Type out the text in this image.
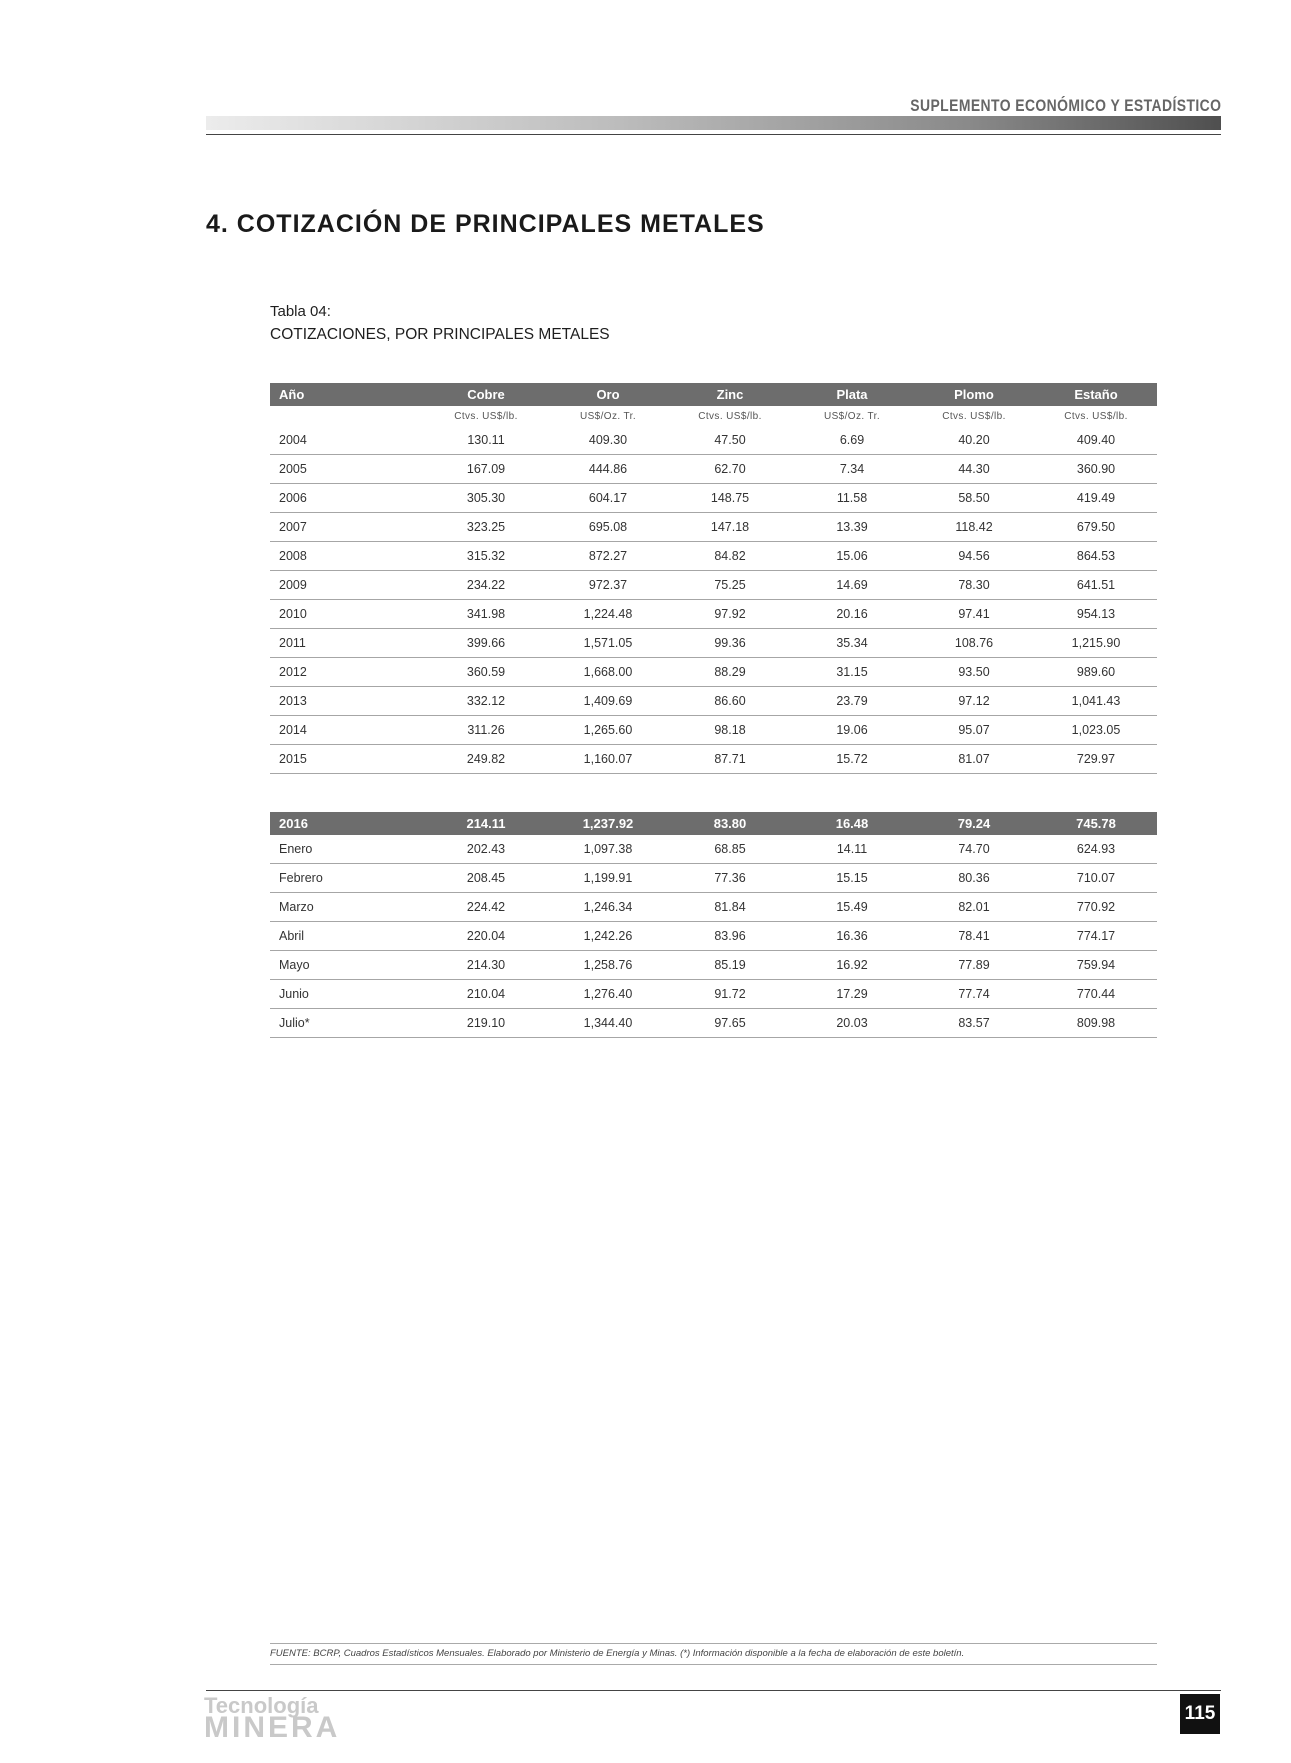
SUPLEMENTO ECONÓMICO Y ESTADÍSTICO
4. COTIZACIÓN DE PRINCIPALES METALES
Tabla 04:
COTIZACIONES, POR PRINCIPALES METALES
Año	Cobre	Oro	Zinc	Plata	Plomo	Estaño
	Ctvs. US$/lb.	US$/Oz. Tr.	Ctvs. US$/lb.	US$/Oz. Tr.	Ctvs. US$/lb.	Ctvs. US$/lb.
2004	130.11	409.30	47.50	6.69	40.20	409.40
2005	167.09	444.86	62.70	7.34	44.30	360.90
2006	305.30	604.17	148.75	11.58	58.50	419.49
2007	323.25	695.08	147.18	13.39	118.42	679.50
2008	315.32	872.27	84.82	15.06	94.56	864.53
2009	234.22	972.37	75.25	14.69	78.30	641.51
2010	341.98	1,224.48	97.92	20.16	97.41	954.13
2011	399.66	1,571.05	99.36	35.34	108.76	1,215.90
2012	360.59	1,668.00	88.29	31.15	93.50	989.60
2013	332.12	1,409.69	86.60	23.79	97.12	1,041.43
2014	311.26	1,265.60	98.18	19.06	95.07	1,023.05
2015	249.82	1,160.07	87.71	15.72	81.07	729.97
2016	214.11	1,237.92	83.80	16.48	79.24	745.78
Enero	202.43	1,097.38	68.85	14.11	74.70	624.93
Febrero	208.45	1,199.91	77.36	15.15	80.36	710.07
Marzo	224.42	1,246.34	81.84	15.49	82.01	770.92
Abril	220.04	1,242.26	83.96	16.36	78.41	774.17
Mayo	214.30	1,258.76	85.19	16.92	77.89	759.94
Junio	210.04	1,276.40	91.72	17.29	77.74	770.44
Julio*	219.10	1,344.40	97.65	20.03	83.57	809.98
FUENTE: BCRP, Cuadros Estadísticos Mensuales. Elaborado por Ministerio de Energía y Minas. (*) Información disponible a la fecha de elaboración de este boletín.
Tecnología
MINERA	115
